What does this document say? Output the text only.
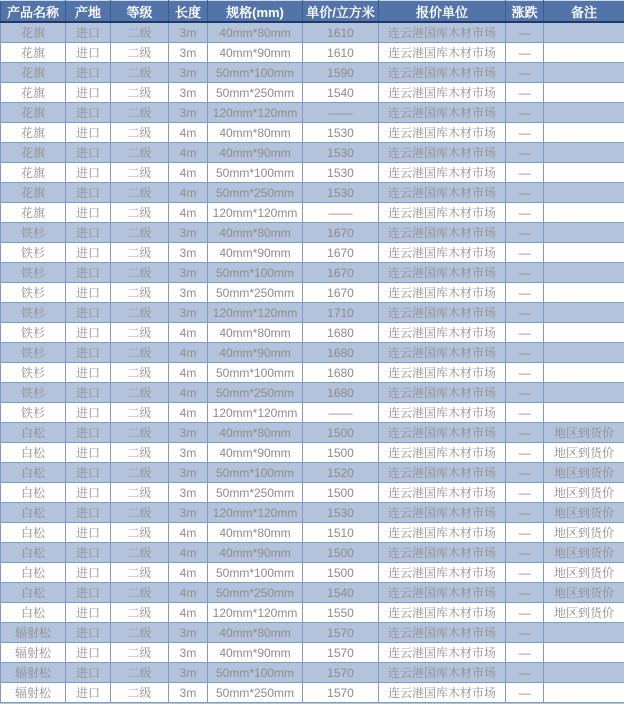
产品名称	产地	等级	长度	规格(mm)	单价/立方米	报价单位	涨跌	备注
花旗	进口	二级	3m	40mm*80mm	1610	连云港国库木材市场	—	
花旗	进口	二级	3m	40mm*90mm	1610	连云港国库木材市场	—	
花旗	进口	二级	3m	50mm*100mm	1590	连云港国库木材市场	—	
花旗	进口	二级	3m	50mm*250mm	1540	连云港国库木材市场	—	
花旗	进口	二级	3m	120mm*120mm	——	连云港国库木材市场	—	
花旗	进口	二级	4m	40mm*80mm	1530	连云港国库木材市场	—	
花旗	进口	二级	4m	40mm*90mm	1530	连云港国库木材市场	—	
花旗	进口	二级	4m	50mm*100mm	1530	连云港国库木材市场	—	
花旗	进口	二级	4m	50mm*250mm	1530	连云港国库木材市场	—	
花旗	进口	二级	4m	120mm*120mm	——	连云港国库木材市场	—	
铁杉	进口	二级	3m	40mm*80mm	1670	连云港国库木材市场	—	
铁杉	进口	二级	3m	40mm*90mm	1670	连云港国库木材市场	—	
铁杉	进口	二级	3m	50mm*100mm	1670	连云港国库木材市场	—	
铁杉	进口	二级	3m	50mm*250mm	1670	连云港国库木材市场	—	
铁杉	进口	二级	3m	120mm*120mm	1710	连云港国库木材市场	—	
铁杉	进口	二级	4m	40mm*80mm	1680	连云港国库木材市场	—	
铁杉	进口	二级	4m	40mm*90mm	1680	连云港国库木材市场	—	
铁杉	进口	二级	4m	50mm*100mm	1680	连云港国库木材市场	—	
铁杉	进口	二级	4m	50mm*250mm	1680	连云港国库木材市场	—	
铁杉	进口	二级	4m	120mm*120mm	——	连云港国库木材市场	—	
白松	进口	二级	3m	40mm*80mm	1500	连云港国库木材市场	—	地区到货价
白松	进口	二级	3m	40mm*90mm	1500	连云港国库木材市场	—	地区到货价
白松	进口	二级	3m	50mm*100mm	1520	连云港国库木材市场	—	地区到货价
白松	进口	二级	3m	50mm*250mm	1500	连云港国库木材市场	—	地区到货价
白松	进口	二级	3m	120mm*120mm	1530	连云港国库木材市场	—	地区到货价
白松	进口	二级	4m	40mm*80mm	1510	连云港国库木材市场	—	地区到货价
白松	进口	二级	4m	40mm*90mm	1500	连云港国库木材市场	—	地区到货价
白松	进口	二级	4m	50mm*100mm	1500	连云港国库木材市场	—	地区到货价
白松	进口	二级	4m	50mm*250mm	1540	连云港国库木材市场	—	地区到货价
白松	进口	二级	4m	120mm*120mm	1550	连云港国库木材市场	—	地区到货价
辐射松	进口	二级	3m	40mm*80mm	1570	连云港国库木材市场	—	
辐射松	进口	二级	3m	40mm*90mm	1570	连云港国库木材市场	—	
辐射松	进口	二级	3m	50mm*100mm	1570	连云港国库木材市场	—	
辐射松	进口	二级	3m	50mm*250mm	1570	连云港国库木材市场	—	
